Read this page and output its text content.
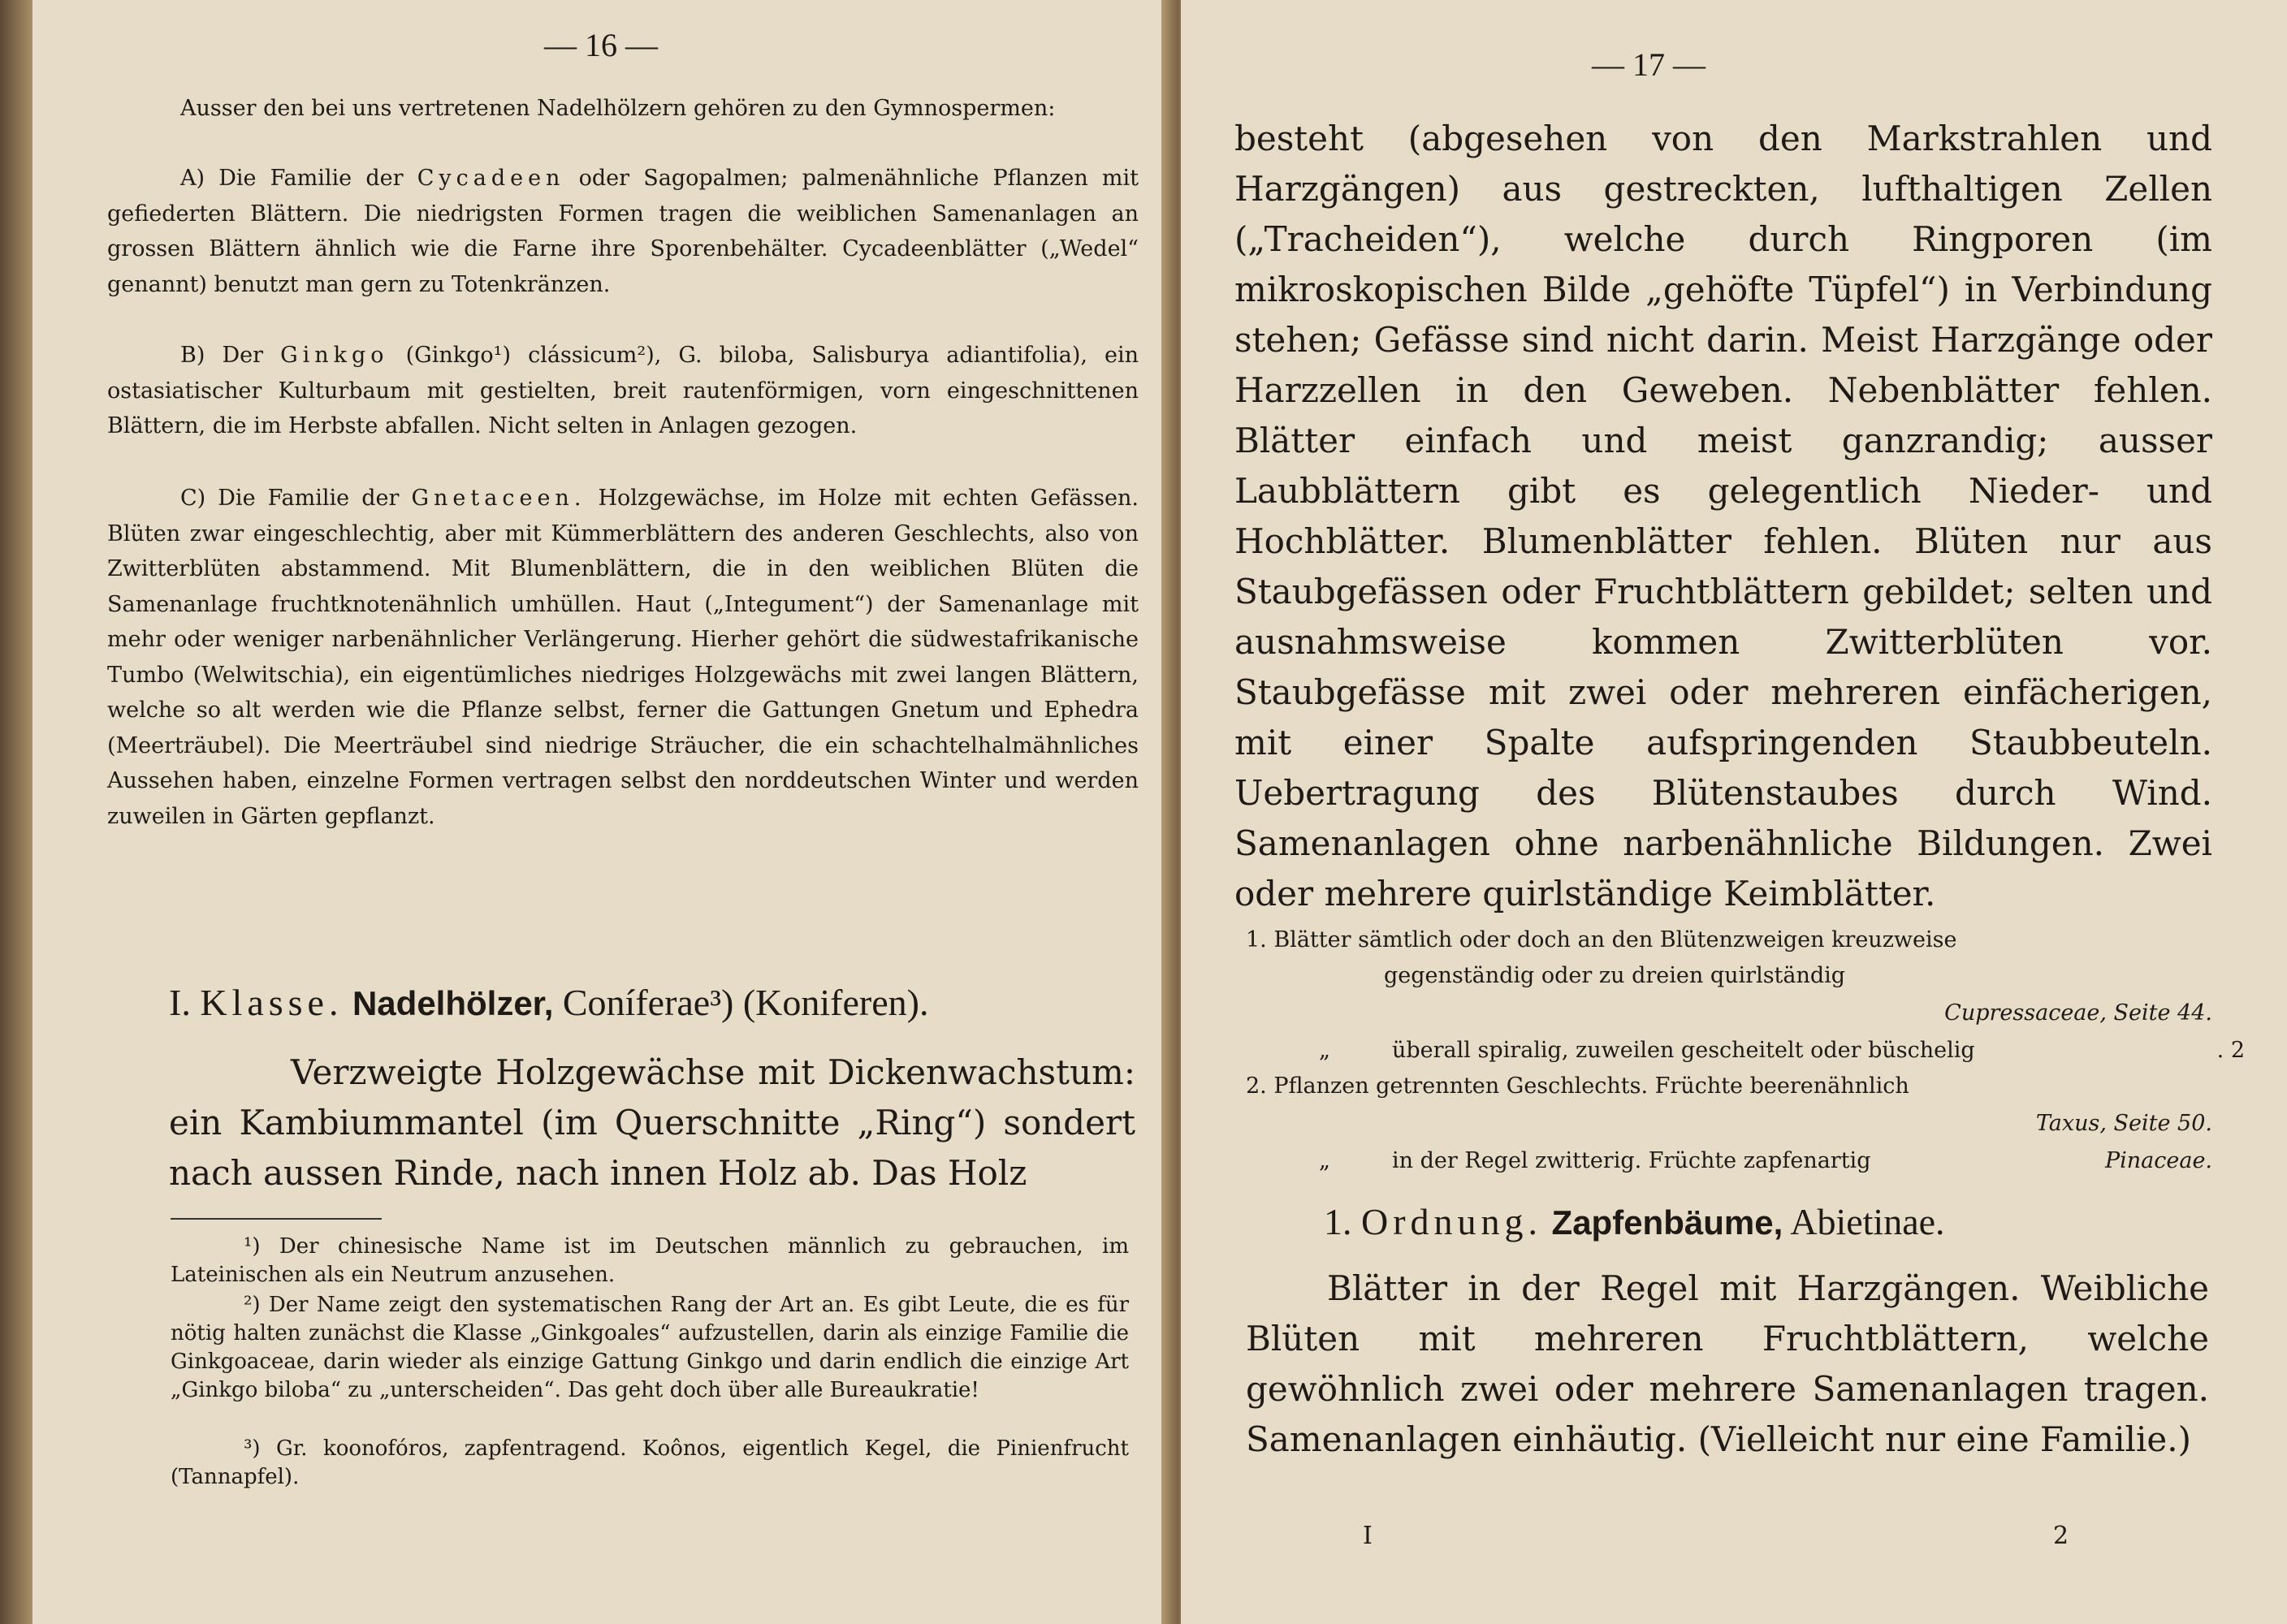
— 16 —

Ausser den bei uns vertretenen Nadelhölzern gehören zu den Gymnospermen:

A) Die Familie der Cycadeen oder Sagopalmen; palmenähnliche Pflanzen mit gefiederten Blättern. Die niedrigsten Formen tragen die weiblichen Samenanlagen an grossen Blättern ähnlich wie die Farne ihre Sporenbehälter. Cycadeenblätter („Wedel“ genannt) benutzt man gern zu Totenkränzen.

B) Der Ginkgo (Ginkgo¹) clássicum²), G. biloba, Salisburya adiantifolia), ein ostasiatischer Kulturbaum mit gestielten, breit rautenförmigen, vorn eingeschnittenen Blättern, die im Herbste abfallen. Nicht selten in Anlagen gezogen.

C) Die Familie der Gnetaceen. Holzgewächse, im Holze mit echten Gefässen. Blüten zwar eingeschlechtig, aber mit Kümmerblättern des anderen Geschlechts, also von Zwitterblüten abstammend. Mit Blumenblättern, die in den weiblichen Blüten die Samenanlage fruchtknotenähnlich umhüllen. Haut („Integument“) der Samenanlage mit mehr oder weniger narbenähnlicher Verlängerung. Hierher gehört die südwestafrikanische Tumbo (Welwitschia), ein eigentümliches niedriges Holzgewächs mit zwei langen Blättern, welche so alt werden wie die Pflanze selbst, ferner die Gattungen Gnetum und Ephedra (Meerträubel). Die Meerträubel sind niedrige Sträucher, die ein schachtelhalmähnliches Aussehen haben, einzelne Formen vertragen selbst den norddeutschen Winter und werden zuweilen in Gärten gepflanzt.

I. Klasse. Nadelhölzer, Coníferae³) (Koniferen).

Verzweigte Holzgewächse mit Dickenwachstum: ein Kambiummantel (im Querschnitte „Ring“) sondert nach aussen Rinde, nach innen Holz ab. Das Holz

¹) Der chinesische Name ist im Deutschen männlich zu gebrauchen, im Lateinischen als ein Neutrum anzusehen.

²) Der Name zeigt den systematischen Rang der Art an. Es gibt Leute, die es für nötig halten zunächst die Klasse „Ginkgoales“ aufzustellen, darin als einzige Familie die Ginkgoaceae, darin wieder als einzige Gattung Ginkgo und darin endlich die einzige Art „Ginkgo biloba“ zu „unterscheiden“. Das geht doch über alle Bureaukratie!

³) Gr. koonofóros, zapfentragend. Koônos, eigentlich Kegel, die Pinienfrucht (Tannapfel).

— 17 —

besteht (abgesehen von den Markstrahlen und Harzgängen) aus gestreckten, lufthaltigen Zellen („Tracheiden“), welche durch Ringporen (im mikroskopischen Bilde „gehöfte Tüpfel“) in Verbindung stehen; Gefässe sind nicht darin. Meist Harzgänge oder Harzzellen in den Geweben. Nebenblätter fehlen. Blätter einfach und meist ganzrandig; ausser Laubblättern gibt es gelegentlich Nieder- und Hochblätter. Blumenblätter fehlen. Blüten nur aus Staubgefässen oder Fruchtblättern gebildet; selten und ausnahmsweise kommen Zwitterblüten vor. Staubgefässe mit zwei oder mehreren einfächerigen, mit einer Spalte aufspringenden Staubbeuteln. Uebertragung des Blütenstaubes durch Wind. Samenanlagen ohne narbenähnliche Bildungen. Zwei oder mehrere quirlständige Keimblätter.

1. Blätter sämtlich oder doch an den Blütenzweigen kreuzweise
gegenständig oder zu dreien quirlständig
Cupressaceae, Seite 44.
„	überall spiralig, zuweilen gescheitelt oder büschelig	. 2
2. Pflanzen getrennten Geschlechts. Früchte beerenähnlich
Taxus, Seite 50.
„	in der Regel zwitterig. Früchte zapfenartig	Pinaceae.
1. Ordnung. Zapfenbäume, Abietinae.

Blätter in der Regel mit Harzgängen. Weibliche Blüten mit mehreren Fruchtblättern, welche gewöhnlich zwei oder mehrere Samenanlagen tragen. Samenanlagen einhäutig. (Vielleicht nur eine Familie.)

I	2
